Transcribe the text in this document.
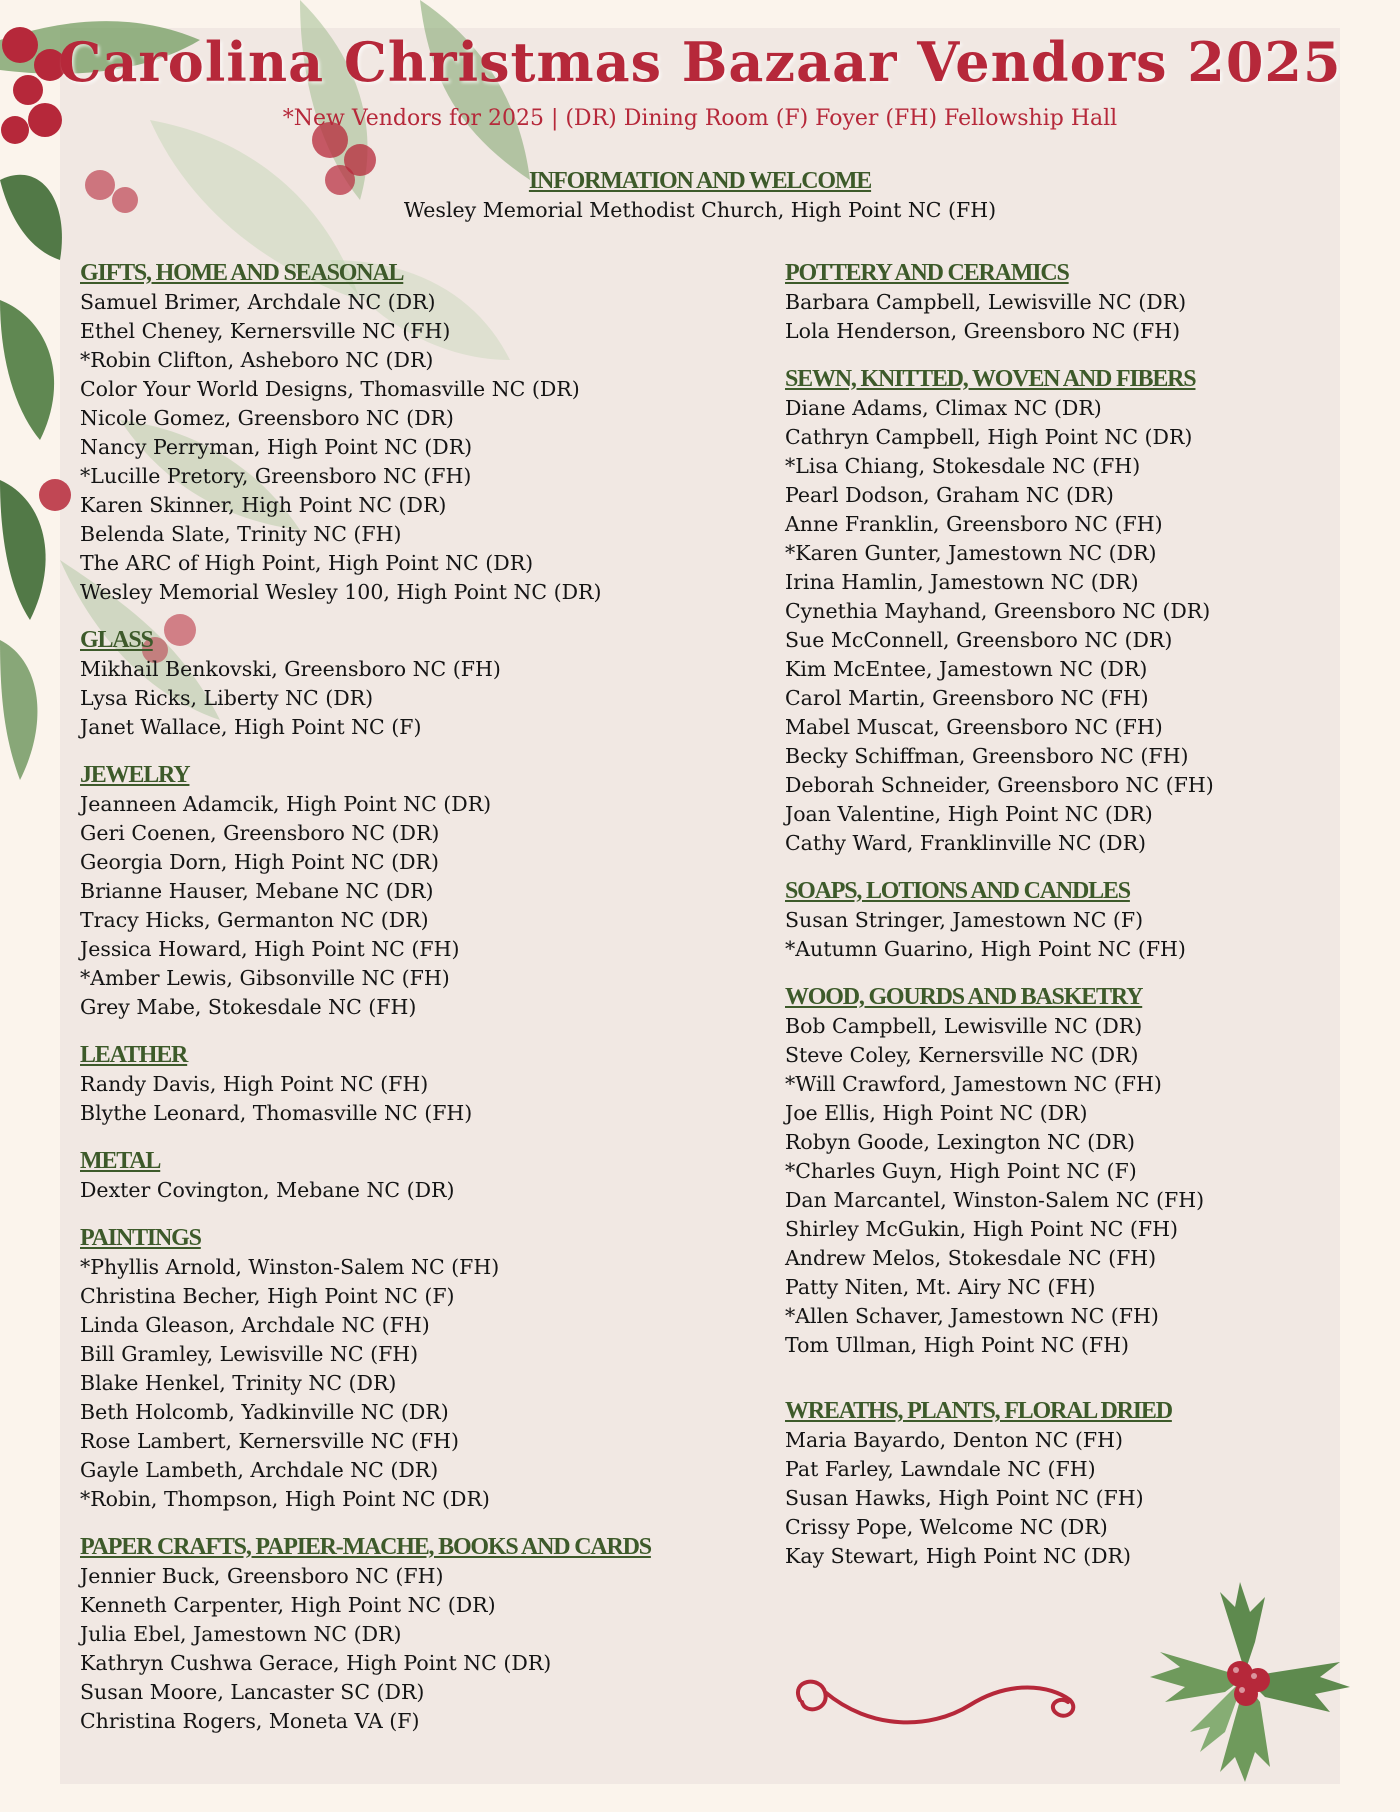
Carolina Christmas Bazaar Vendors 2025
*New Vendors for 2025 | (DR) Dining Room (F) Foyer (FH) Fellowship Hall
INFORMATION AND WELCOME
Wesley Memorial Methodist Church, High Point NC (FH)
GIFTS, HOME AND SEASONAL
Samuel Brimer, Archdale NC (DR)
Ethel Cheney, Kernersville NC (FH)
*Robin Clifton, Asheboro NC (DR)
Color Your World Designs, Thomasville NC (DR)
Nicole Gomez, Greensboro NC (DR)
Nancy Perryman, High Point NC (DR)
*Lucille Pretory, Greensboro NC (FH)
Karen Skinner, High Point NC (DR)
Belenda Slate, Trinity NC (FH)
The ARC of High Point, High Point NC (DR)
Wesley Memorial Wesley 100, High Point NC (DR)
GLASS
Mikhail Benkovski, Greensboro NC (FH)
Lysa Ricks, Liberty NC (DR)
Janet Wallace, High Point NC (F)
JEWELRY
Jeanneen Adamcik, High Point NC (DR)
Geri Coenen, Greensboro NC (DR)
Georgia Dorn, High Point NC (DR)
Brianne Hauser, Mebane NC (DR)
Tracy Hicks, Germanton NC (DR)
Jessica Howard, High Point NC (FH)
*Amber Lewis, Gibsonville NC (FH)
Grey Mabe, Stokesdale NC (FH)
LEATHER
Randy Davis, High Point NC (FH)
Blythe Leonard, Thomasville NC (FH)
METAL
Dexter Covington, Mebane NC (DR)
PAINTINGS
*Phyllis Arnold, Winston-Salem NC (FH)
Christina Becher, High Point NC (F)
Linda Gleason, Archdale NC (FH)
Bill Gramley, Lewisville NC (FH)
Blake Henkel, Trinity NC (DR)
Beth Holcomb, Yadkinville NC (DR)
Rose Lambert, Kernersville NC (FH)
Gayle Lambeth, Archdale NC (DR)
*Robin, Thompson, High Point NC (DR)
PAPER CRAFTS, PAPIER-MACHE, BOOKS AND CARDS
Jennier Buck, Greensboro NC (FH)
Kenneth Carpenter, High Point NC (DR)
Julia Ebel, Jamestown NC (DR)
Kathryn Cushwa Gerace, High Point NC (DR)
Susan Moore, Lancaster SC (DR)
Christina Rogers, Moneta VA (F)
POTTERY AND CERAMICS
Barbara Campbell, Lewisville NC (DR)
Lola Henderson, Greensboro NC (FH)
SEWN, KNITTED, WOVEN AND FIBERS
Diane Adams, Climax NC (DR)
Cathryn Campbell, High Point NC (DR)
*Lisa Chiang, Stokesdale NC (FH)
Pearl Dodson, Graham NC (DR)
Anne Franklin, Greensboro NC (FH)
*Karen Gunter, Jamestown NC (DR)
Irina Hamlin, Jamestown NC (DR)
Cynethia Mayhand, Greensboro NC (DR)
Sue McConnell, Greensboro NC (DR)
Kim McEntee, Jamestown NC (DR)
Carol Martin, Greensboro NC (FH)
Mabel Muscat, Greensboro NC (FH)
Becky Schiffman, Greensboro NC (FH)
Deborah Schneider, Greensboro NC (FH)
Joan Valentine, High Point NC (DR)
Cathy Ward, Franklinville NC (DR)
SOAPS, LOTIONS AND CANDLES
Susan Stringer, Jamestown NC (F)
*Autumn Guarino, High Point NC (FH)
WOOD, GOURDS AND BASKETRY
Bob Campbell, Lewisville NC (DR)
Steve Coley, Kernersville NC (DR)
*Will Crawford, Jamestown NC (FH)
Joe Ellis, High Point NC (DR)
Robyn Goode, Lexington NC (DR)
*Charles Guyn, High Point NC (F)
Dan Marcantel, Winston-Salem NC (FH)
Shirley McGukin, High Point NC (FH)
Andrew Melos, Stokesdale NC (FH)
Patty Niten, Mt. Airy NC (FH)
*Allen Schaver, Jamestown NC (FH)
Tom Ullman, High Point NC (FH)
WREATHS, PLANTS, FLORAL DRIED
Maria Bayardo, Denton NC (FH)
Pat Farley, Lawndale NC (FH)
Susan Hawks, High Point NC (FH)
Crissy Pope, Welcome NC (DR)
Kay Stewart, High Point NC (DR)
